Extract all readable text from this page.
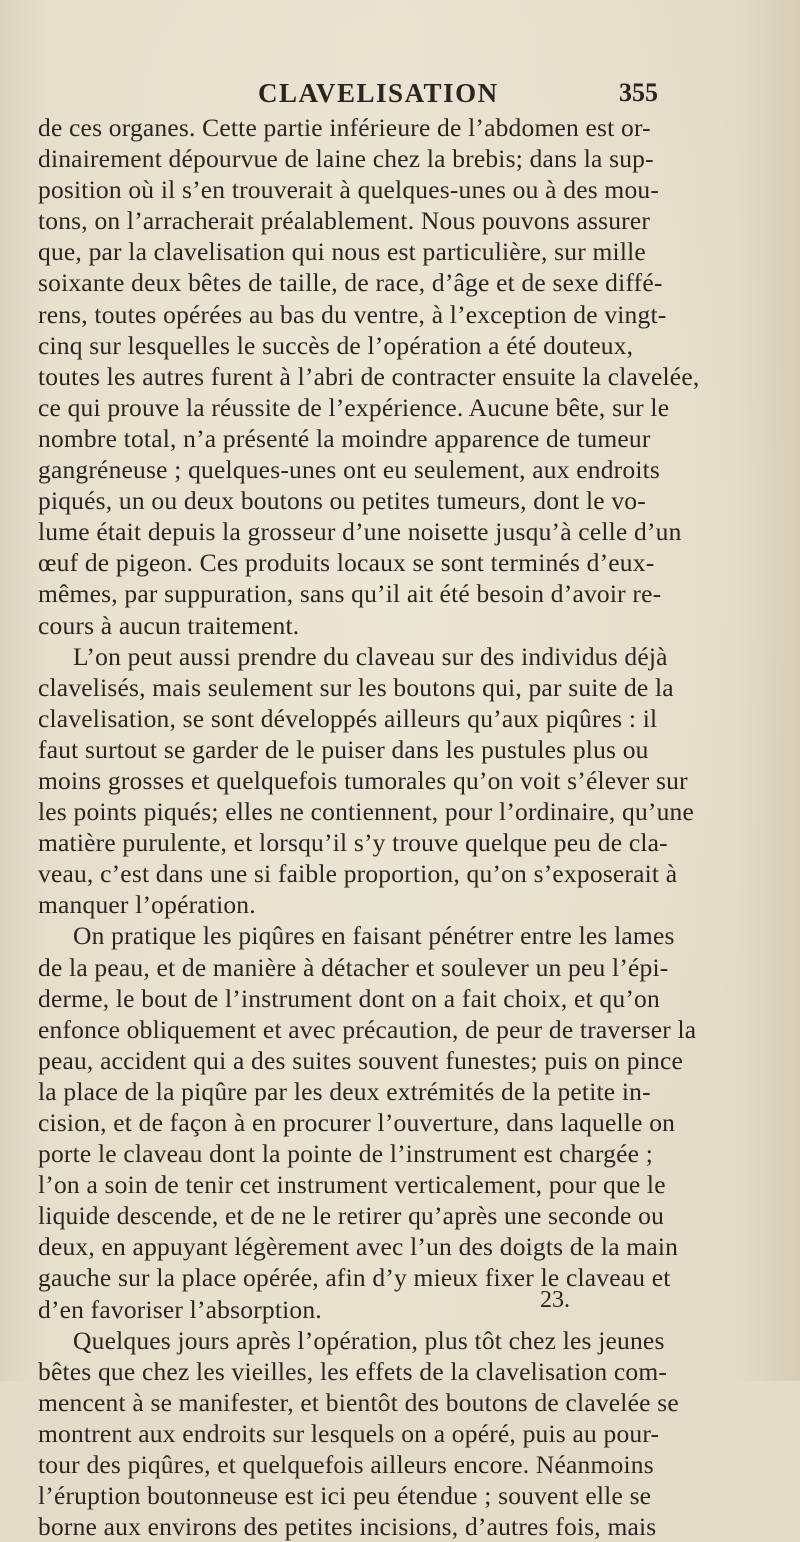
CLAVELISATION	355
de ces organes. Cette partie inférieure de l’abdomen est or-
dinairement dépourvue de laine chez la brebis; dans la sup-
position où il s’en trouverait à quelques-unes ou à des mou-
tons, on l’arracherait préalablement. Nous pouvons assurer
que, par la clavelisation qui nous est particulière, sur mille
soixante deux bêtes de taille, de race, d’âge et de sexe diffé-
rens, toutes opérées au bas du ventre, à l’exception de vingt-
cinq sur lesquelles le succès de l’opération a été douteux,
toutes les autres furent à l’abri de contracter ensuite la clavelée,
ce qui prouve la réussite de l’expérience. Aucune bête, sur le
nombre total, n’a présenté la moindre apparence de tumeur
gangréneuse ; quelques-unes ont eu seulement, aux endroits
piqués, un ou deux boutons ou petites tumeurs, dont le vo-
lume était depuis la grosseur d’une noisette jusqu’à celle d’un
œuf de pigeon. Ces produits locaux se sont terminés d’eux-
mêmes, par suppuration, sans qu’il ait été besoin d’avoir re-
cours à aucun traitement.
L’on peut aussi prendre du claveau sur des individus déjà
clavelisés, mais seulement sur les boutons qui, par suite de la
clavelisation, se sont développés ailleurs qu’aux piqûres : il
faut surtout se garder de le puiser dans les pustules plus ou
moins grosses et quelquefois tumorales qu’on voit s’élever sur
les points piqués; elles ne contiennent, pour l’ordinaire, qu’une
matière purulente, et lorsqu’il s’y trouve quelque peu de cla-
veau, c’est dans une si faible proportion, qu’on s’exposerait à
manquer l’opération.
On pratique les piqûres en faisant pénétrer entre les lames
de la peau, et de manière à détacher et soulever un peu l’épi-
derme, le bout de l’instrument dont on a fait choix, et qu’on
enfonce obliquement et avec précaution, de peur de traverser la
peau, accident qui a des suites souvent funestes; puis on pince
la place de la piqûre par les deux extrémités de la petite in-
cision, et de façon à en procurer l’ouverture, dans laquelle on
porte le claveau dont la pointe de l’instrument est chargée ;
l’on a soin de tenir cet instrument verticalement, pour que le
liquide descende, et de ne le retirer qu’après une seconde ou
deux, en appuyant légèrement avec l’un des doigts de la main
gauche sur la place opérée, afin d’y mieux fixer le claveau et
d’en favoriser l’absorption.
Quelques jours après l’opération, plus tôt chez les jeunes
bêtes que chez les vieilles, les effets de la clavelisation com-
mencent à se manifester, et bientôt des boutons de clavelée se
montrent aux endroits sur lesquels on a opéré, puis au pour-
tour des piqûres, et quelquefois ailleurs encore. Néanmoins
l’éruption boutonneuse est ici peu étendue ; souvent elle se
borne aux environs des petites incisions, d’autres fois, mais
23.
